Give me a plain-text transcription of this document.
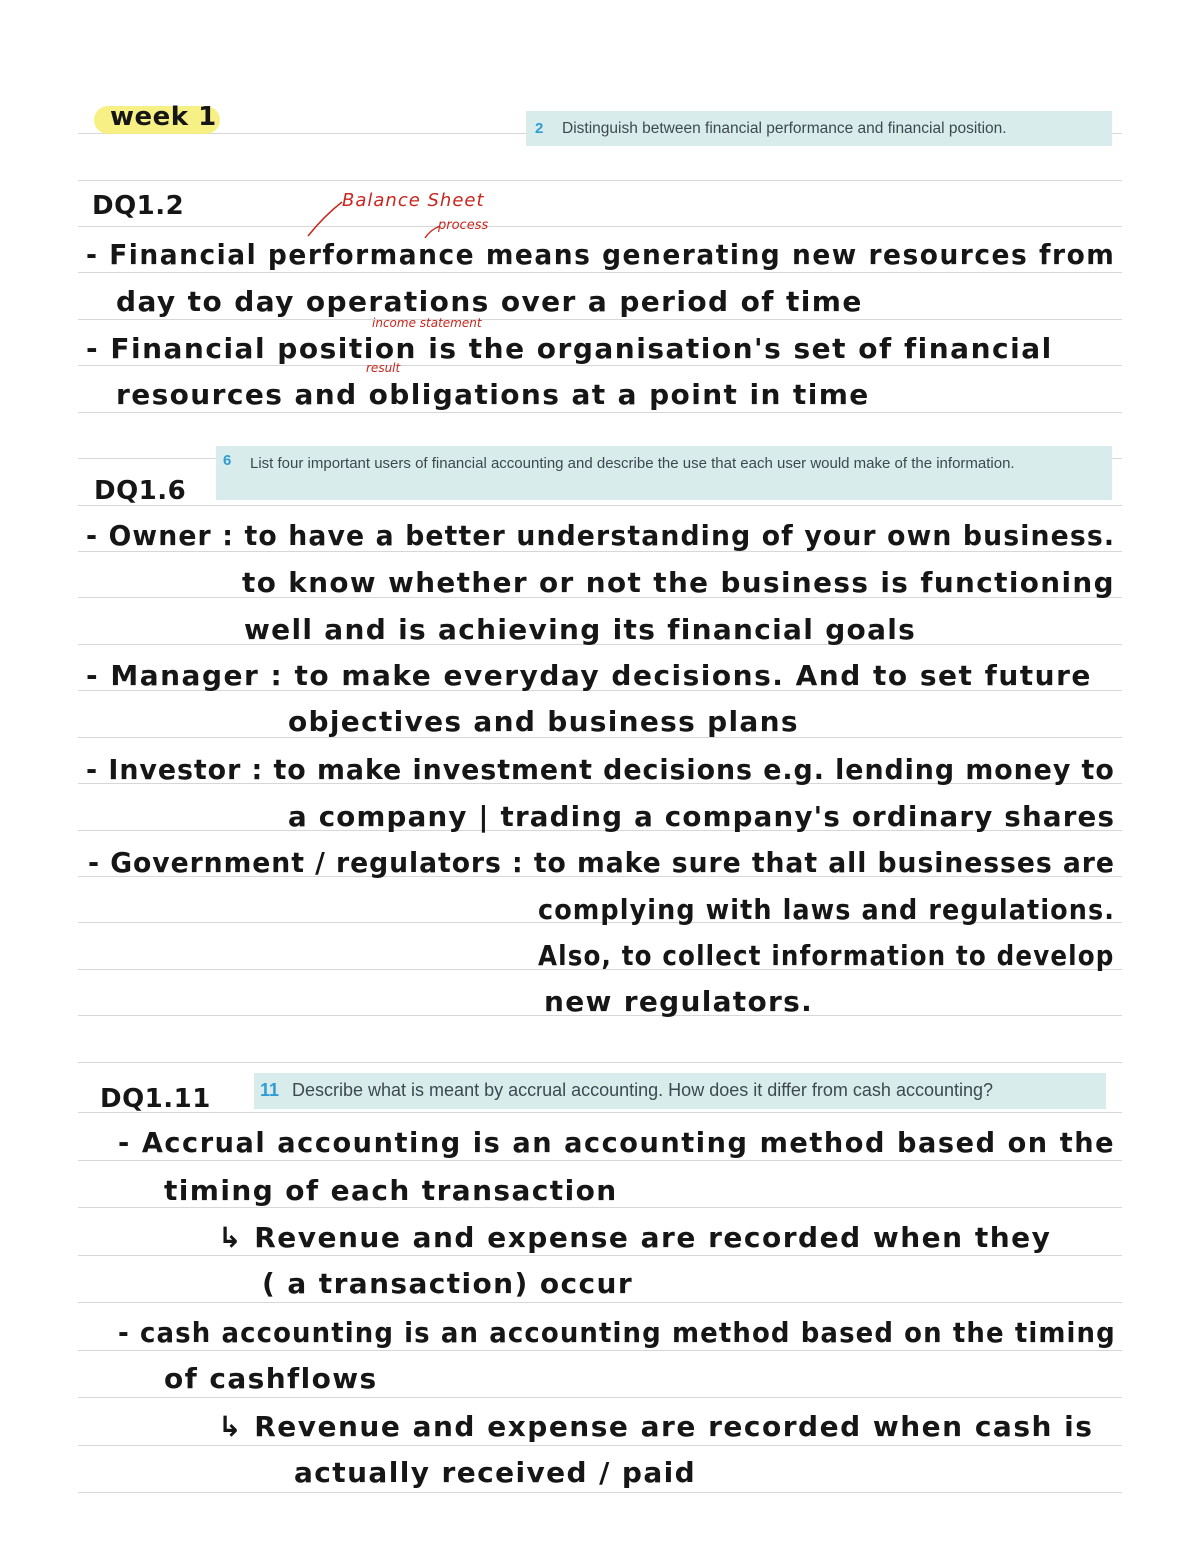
week 1	2 Distinguish between financial performance and financial position.
DQ1.2	Balance Sheet
process
- Financial performance means generating new resources from
day to day operations over a period of time
income statement
- Financial position is the organisation's set of financial
result
resources and obligations at a point in time
6 List four important users of financial accounting and describe the use that each user would make of the information.
DQ1.6
- Owner : to have a better understanding of your own business.
to know whether or not the business is functioning
well and is achieving its financial goals
- Manager : to make everyday decisions. And to set future
objectives and business plans
- Investor : to make investment decisions e.g. lending money to
a company | trading a company's ordinary shares
- Government / regulators : to make sure that all businesses are
complying with laws and regulations.
Also, to collect information to develop
new regulators.
11 Describe what is meant by accrual accounting. How does it differ from cash accounting?
DQ1.11
- Accrual accounting is an accounting method based on the
timing of each transaction
↳ Revenue and expense are recorded when they
( a transaction) occur
- cash accounting is an accounting method based on the timing
of cashflows
↳ Revenue and expense are recorded when cash is
actually received / paid
